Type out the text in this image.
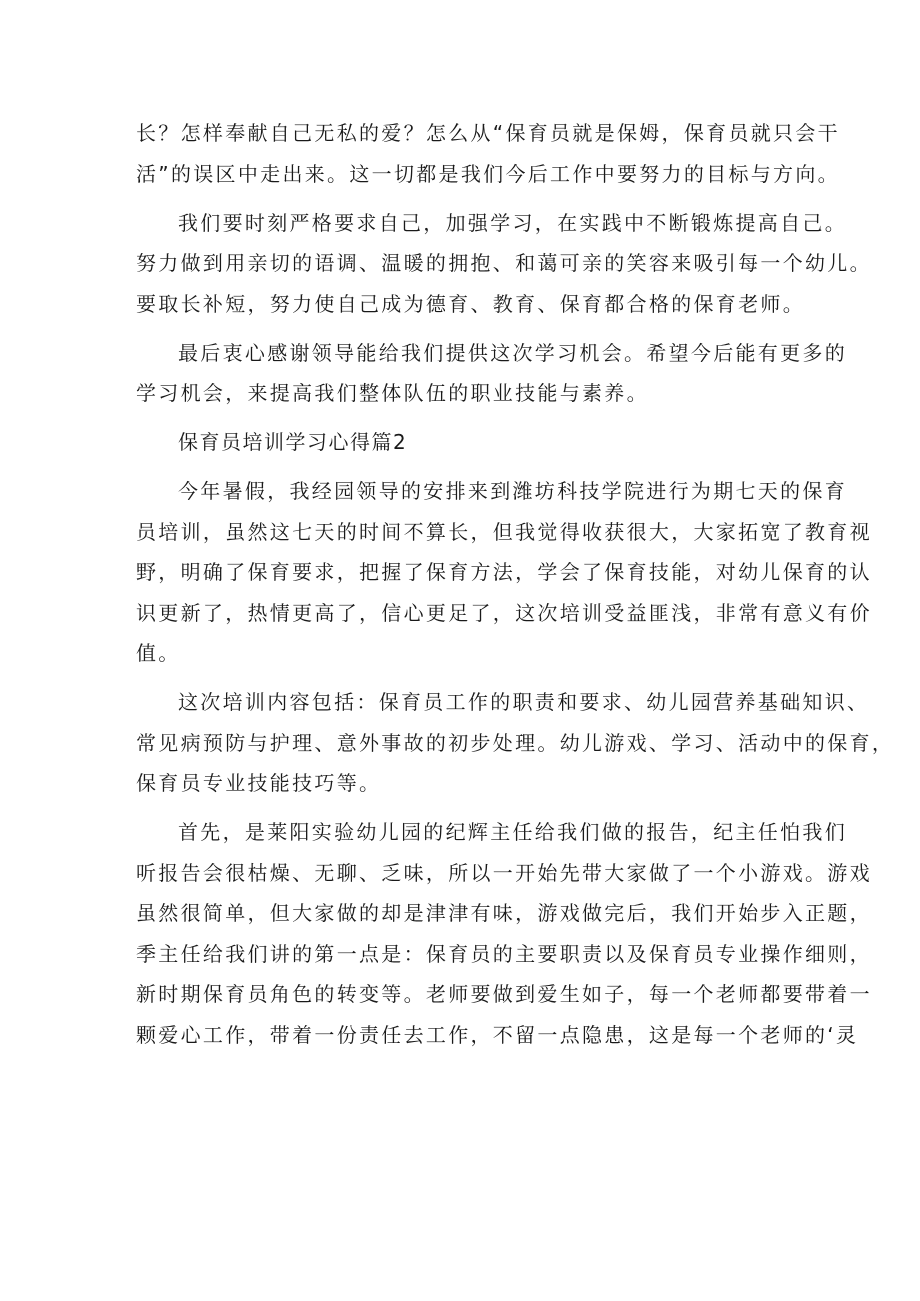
长？怎样奉献自己无私的爱？怎么从“保育员就是保姆，保育员就只会干

活”的误区中走出来。这一切都是我们今后工作中要努力的目标与方向。

我们要时刻严格要求自己，加强学习，在实践中不断锻炼提高自己。

努力做到用亲切的语调、温暖的拥抱、和蔼可亲的笑容来吸引每一个幼儿。

要取长补短，努力使自己成为德育、教育、保育都合格的保育老师。

最后衷心感谢领导能给我们提供这次学习机会。希望今后能有更多的

学习机会，来提高我们整体队伍的职业技能与素养。

保育员培训学习心得篇2

今年暑假，我经园领导的安排来到潍坊科技学院进行为期七天的保育

员培训，虽然这七天的时间不算长，但我觉得收获很大，大家拓宽了教育视

野，明确了保育要求，把握了保育方法，学会了保育技能，对幼儿保育的认

识更新了，热情更高了，信心更足了，这次培训受益匪浅，非常有意义有价

值。

这次培训内容包括：保育员工作的职责和要求、幼儿园营养基础知识、

常见病预防与护理、意外事故的初步处理。幼儿游戏、学习、活动中的保育，

保育员专业技能技巧等。

首先，是莱阳实验幼儿园的纪辉主任给我们做的报告，纪主任怕我们

听报告会很枯燥、无聊、乏味，所以一开始先带大家做了一个小游戏。游戏

虽然很简单，但大家做的却是津津有味，游戏做完后，我们开始步入正题，

季主任给我们讲的第一点是：保育员的主要职责以及保育员专业操作细则，

新时期保育员角色的转变等。老师要做到爱生如子，每一个老师都要带着一

颗爱心工作，带着一份责任去工作，不留一点隐患，这是每一个老师的‘灵
